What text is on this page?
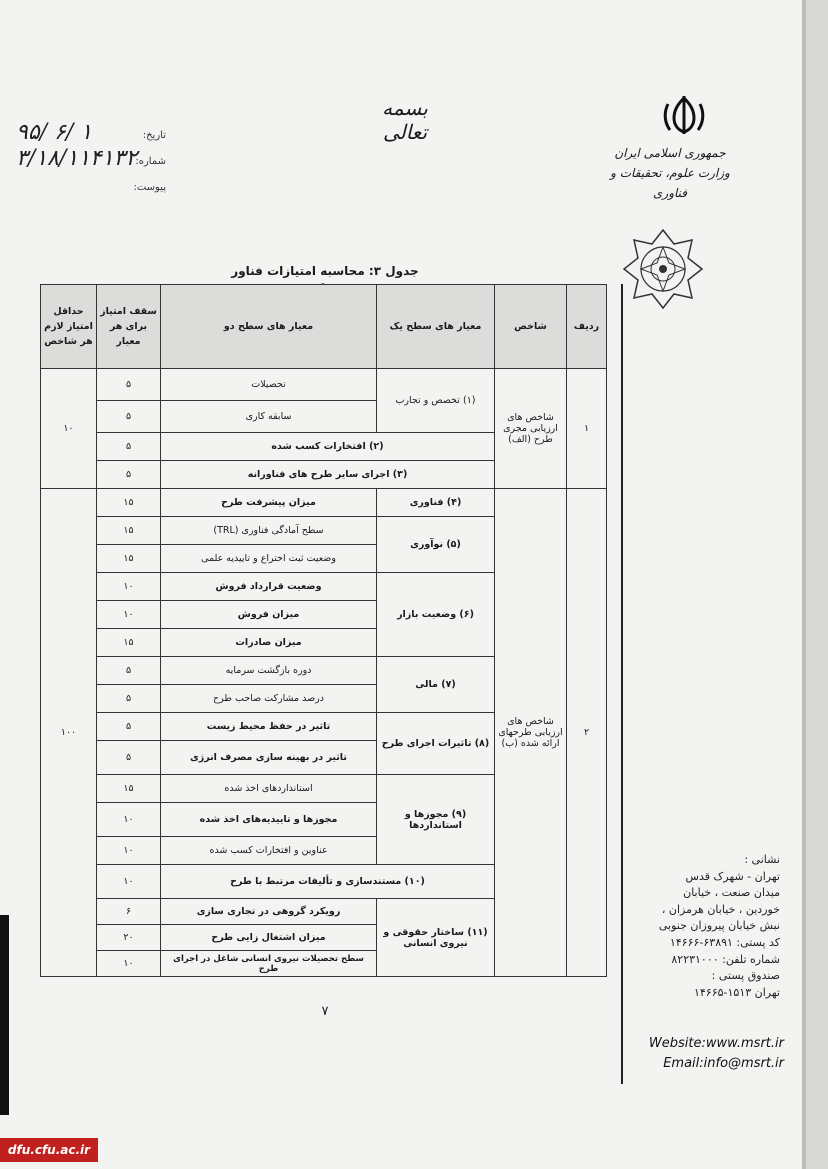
بسمه تعالی
جمهوری اسلامی ایران
وزارت علوم، تحقیقات و فناوری
۹۵/ ۶/ ۱	تاریخ:
۳/۱۸/۱۱۴۱۳۲
شماره:
پیوست:
جدول ۳: محاسبه امتیازات فناور
ردیف	شاخص	معیار های سطح یک	معیار های سطح دو	سقف امتیاز برای هر معیار	حداقل امتیاز لازم هر شاخص
۱	شاخص های ارزیابی مجری طرح (الف)	(۱) تخصص و تجارب	تحصیلات	۵	۱۰
			سابقه کاری	۵	
		(۲) افتخارات کسب شده		۵	
		(۳) اجرای سایر طرح های فناورانه		۵	
۲	شاخص های ارزیابی طرحهای ارائه شده (ب)	(۴) فناوری	میزان پیشرفت طرح	۱۵	۱۰۰
		(۵) نوآوری	سطح آمادگی فناوری (TRL)	۱۵	
			وضعیت ثبت اختراع و تاییدیه علمی	۱۵	
		(۶) وضعیت بازار	وضعیت قرارداد فروش	۱۰	
			میزان فروش	۱۰	
			میزان صادرات	۱۵	
		(۷) مالی	دوره بازگشت سرمایه	۵	
			درصد مشارکت صاحب طرح	۵	
		(۸) تاثیرات اجرای طرح	تاثیر در حفظ محیط زیست	۵	
			تاثیر در بهینه سازی مصرف انرژی	۵	
		(۹) مجوزها و استانداردها	استانداردهای اخذ شده	۱۵	
			مجوزها و تاییدیه‌های اخذ شده	۱۰	
			عناوین و افتخارات کسب شده	۱۰	
		(۱۰) مستندسازی و تألیفات مرتبط با طرح		۱۰	
		(۱۱) ساختار حقوقی و نیروی انسانی	رویکرد گروهی در تجاری سازی	۶	
			میزان اشتغال زایی طرح	۲۰	
			سطح تحصیلات نیروی انسانی شاغل در اجرای طرح	۱۰	
۷
نشانی :
تهران - شهرک قدس
میدان صنعت ، خیابان
خوردین ، خیابان هرمزان ،
نبش خیابان پیروزان جنوبی
کد پستی: ۶۳۸۹۱-۱۴۶۶۶
شماره تلفن: ۸۲۲۳۱۰۰۰
صندوق پستی :
تهران ۱۵۱۳-۱۴۶۶۵
Website:www.msrt.ir
Email:info@msrt.ir
dfu.cfu.ac.ir
